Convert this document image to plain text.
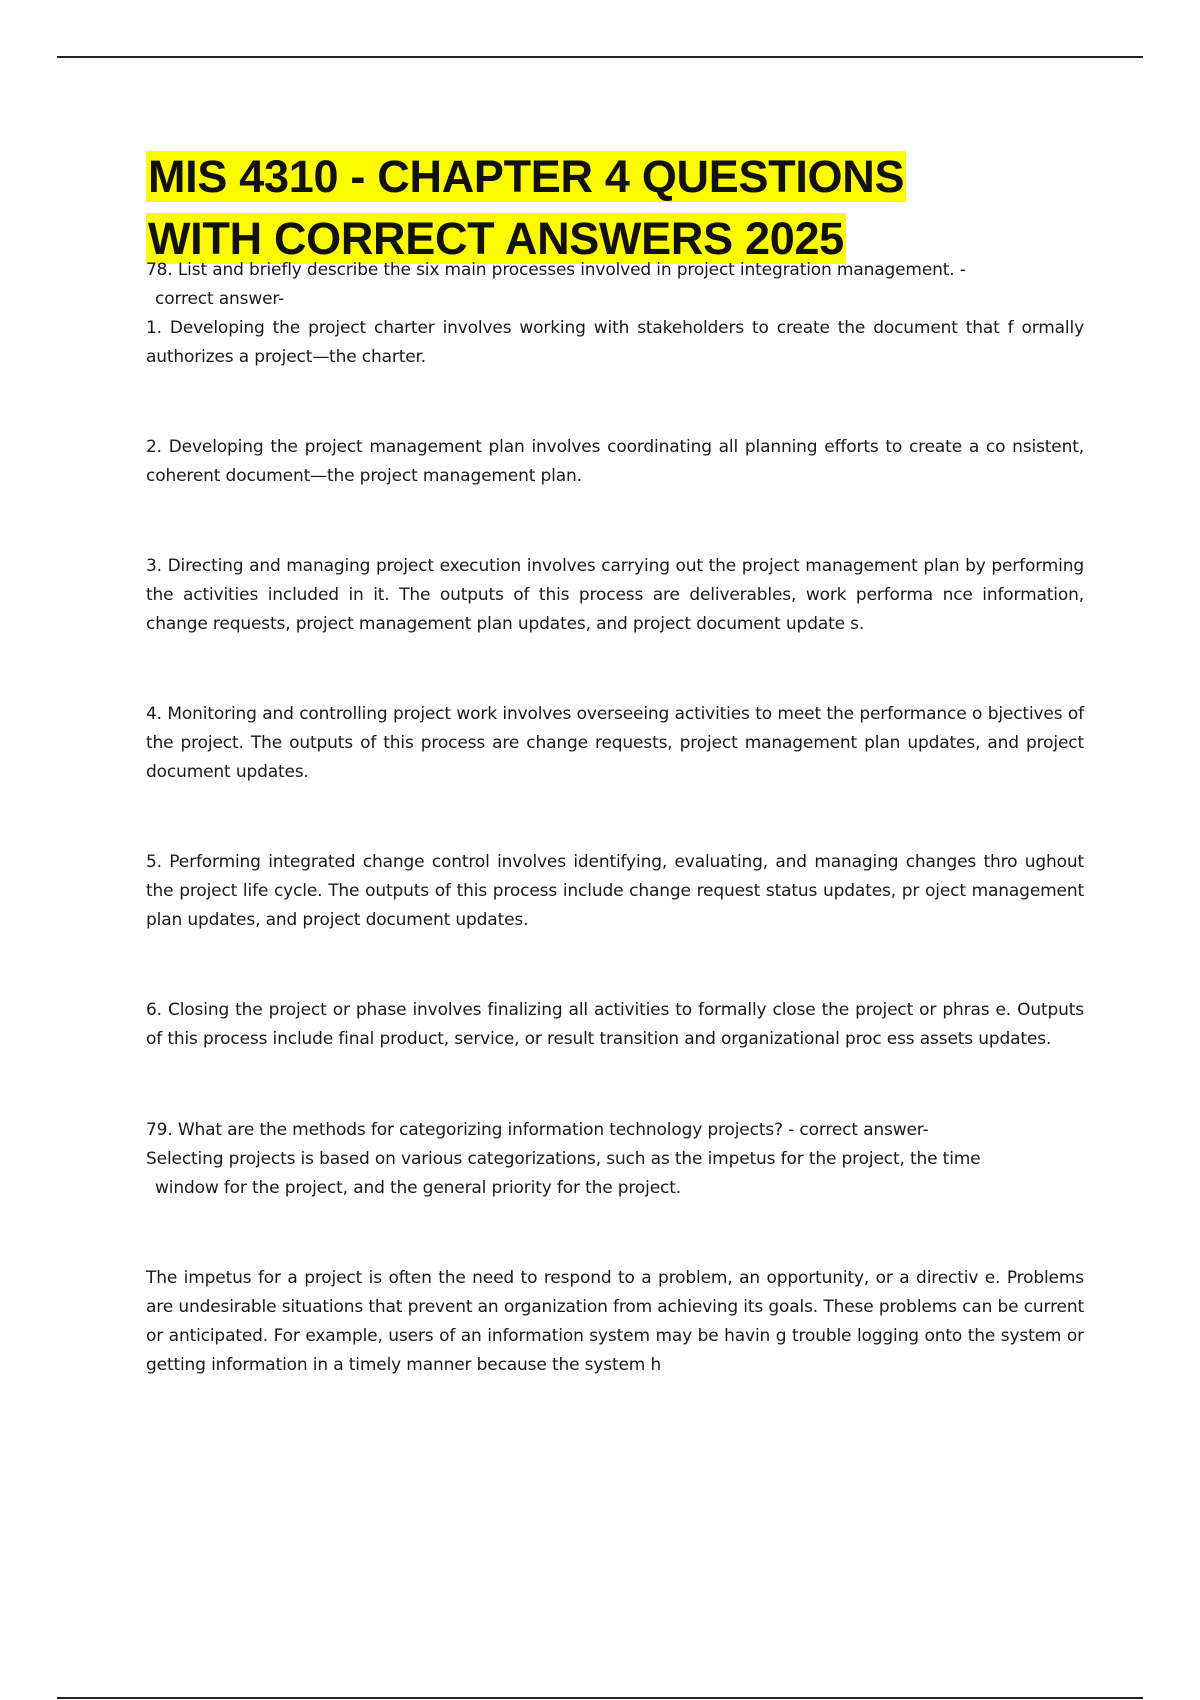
MIS 4310 - CHAPTER 4 QUESTIONS
WITH CORRECT ANSWERS 2025

78. List and briefly describe the six main processes involved in project integration management. -
correct answer-

1. Developing the project charter involves working with stakeholders to create the document that f ormally authorizes a project—the charter.

2. Developing the project management plan involves coordinating all planning efforts to create a co nsistent, coherent document—the project management plan.

3. Directing and managing project execution involves carrying out the project management plan by performing the activities included in it. The outputs of this process are deliverables, work performa nce information, change requests, project management plan updates, and project document update s.

4. Monitoring and controlling project work involves overseeing activities to meet the performance o bjectives of the project. The outputs of this process are change requests, project management plan updates, and project document updates.

5. Performing integrated change control involves identifying, evaluating, and managing changes thro ughout the project life cycle. The outputs of this process include change request status updates, pr oject management plan updates, and project document updates.

6. Closing the project or phase involves finalizing all activities to formally close the project or phras e. Outputs of this process include final product, service, or result transition and organizational proc ess assets updates.

79. What are the methods for categorizing information technology projects? - correct answer-
Selecting projects is based on various categorizations, such as the impetus for the project, the time
window for the project, and the general priority for the project.

The impetus for a project is often the need to respond to a problem, an opportunity, or a directiv e. Problems are undesirable situations that prevent an organization from achieving its goals. These problems can be current or anticipated. For example, users of an information system may be havin g trouble logging onto the system or getting information in a timely manner because the system h
